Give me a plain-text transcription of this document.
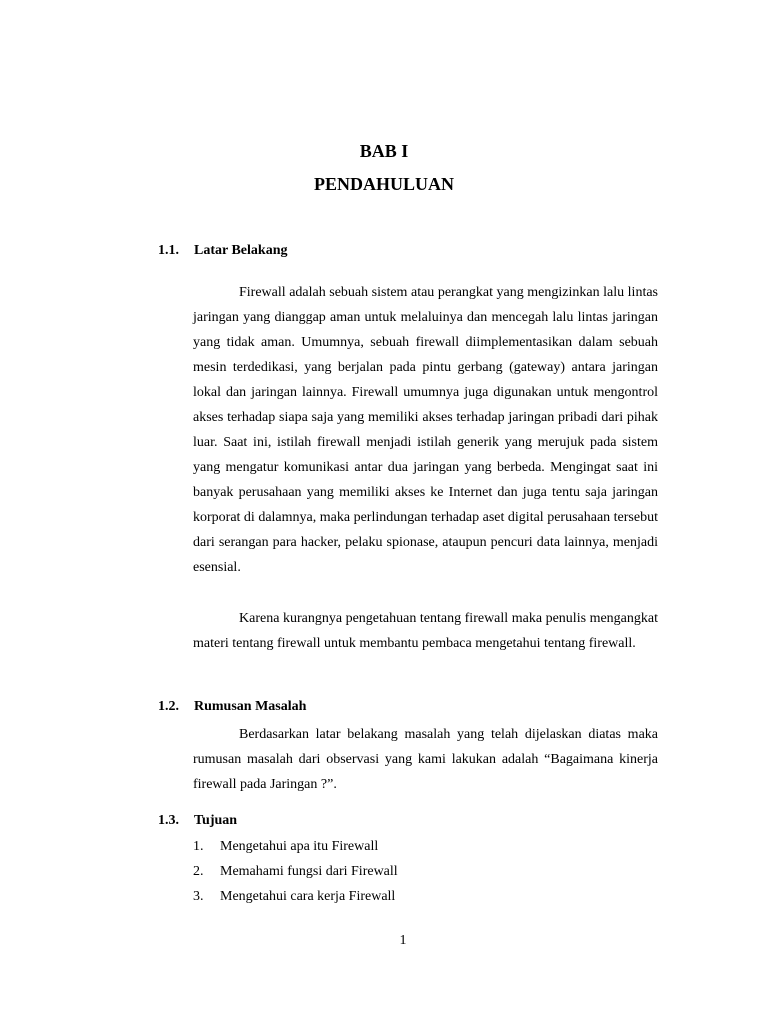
BAB I
PENDAHULUAN
1.1. Latar Belakang

Firewall adalah sebuah sistem atau perangkat yang mengizinkan lalu lintas jaringan yang dianggap aman untuk melaluinya dan mencegah lalu lintas jaringan yang tidak aman. Umumnya, sebuah firewall diimplementasikan dalam sebuah mesin terdedikasi, yang berjalan pada pintu gerbang (gateway) antara jaringan lokal dan jaringan lainnya. Firewall umumnya juga digunakan untuk mengontrol akses terhadap siapa saja yang memiliki akses terhadap jaringan pribadi dari pihak luar. Saat ini, istilah firewall menjadi istilah generik yang merujuk pada sistem yang mengatur komunikasi antar dua jaringan yang berbeda. Mengingat saat ini banyak perusahaan yang memiliki akses ke Internet dan juga tentu saja jaringan korporat di dalamnya, maka perlindungan terhadap aset digital perusahaan tersebut dari serangan para hacker, pelaku spionase, ataupun pencuri data lainnya, menjadi esensial.

Karena kurangnya pengetahuan tentang firewall maka penulis mengangkat materi tentang firewall untuk membantu pembaca mengetahui tentang firewall.

1.2. Rumusan Masalah

Berdasarkan latar belakang masalah yang telah dijelaskan diatas maka rumusan masalah dari observasi yang kami lakukan adalah “Bagaimana kinerja firewall pada Jaringan ?”.

1.3. Tujuan
1. Mengetahui apa itu Firewall
2. Memahami fungsi dari Firewall
3. Mengetahui cara kerja Firewall
1
